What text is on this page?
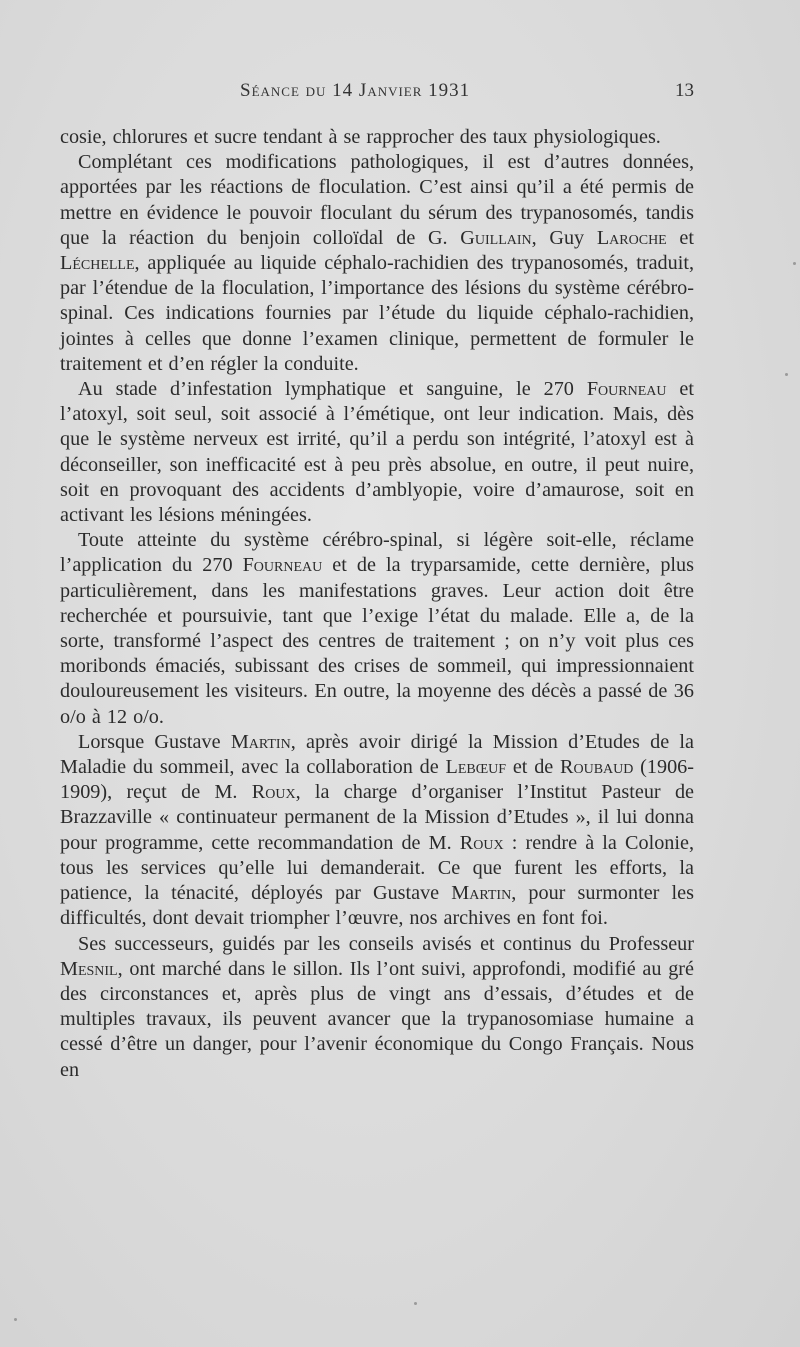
Séance du 14 Janvier 1931	13

cosie, chlorures et sucre tendant à se rapprocher des taux physiologiques.

Complétant ces modifications pathologiques, il est d’autres données, apportées par les réactions de floculation. C’est ainsi qu’il a été permis de mettre en évidence le pouvoir floculant du sérum des trypanosomés, tandis que la réaction du benjoin colloïdal de G. Guillain, Guy Laroche et Léchelle, appliquée au liquide céphalo-rachidien des trypanosomés, traduit, par l’étendue de la floculation, l’importance des lésions du système cérébro-spinal. Ces indications fournies par l’étude du liquide céphalo-rachidien, jointes à celles que donne l’examen clinique, permettent de formuler le traitement et d’en régler la conduite.

Au stade d’infestation lymphatique et sanguine, le 270 Fourneau et l’atoxyl, soit seul, soit associé à l’émétique, ont leur indication. Mais, dès que le système nerveux est irrité, qu’il a perdu son intégrité, l’atoxyl est à déconseiller, son inefficacité est à peu près absolue, en outre, il peut nuire, soit en provoquant des accidents d’amblyopie, voire d’amaurose, soit en activant les lésions méningées.

Toute atteinte du système cérébro-spinal, si légère soit-elle, réclame l’application du 270 Fourneau et de la tryparsamide, cette dernière, plus particulièrement, dans les manifestations graves. Leur action doit être recherchée et poursuivie, tant que l’exige l’état du malade. Elle a, de la sorte, transformé l’aspect des centres de traitement ; on n’y voit plus ces moribonds émaciés, subissant des crises de sommeil, qui impressionnaient douloureusement les visiteurs. En outre, la moyenne des décès a passé de 36 o/o à 12 o/o.

Lorsque Gustave Martin, après avoir dirigé la Mission d’Etudes de la Maladie du sommeil, avec la collaboration de Lebœuf et de Roubaud (1906-1909), reçut de M. Roux, la charge d’organiser l’Institut Pasteur de Brazzaville « continuateur permanent de la Mission d’Etudes », il lui donna pour programme, cette recommandation de M. Roux : rendre à la Colonie, tous les services qu’elle lui demanderait. Ce que furent les efforts, la patience, la ténacité, déployés par Gustave Martin, pour surmonter les difficultés, dont devait triompher l’œuvre, nos archives en font foi.

Ses successeurs, guidés par les conseils avisés et continus du Professeur Mesnil, ont marché dans le sillon. Ils l’ont suivi, approfondi, modifié au gré des circonstances et, après plus de vingt ans d’essais, d’études et de multiples travaux, ils peuvent avancer que la trypanosomiase humaine a cessé d’être un danger, pour l’avenir économique du Congo Français. Nous en
